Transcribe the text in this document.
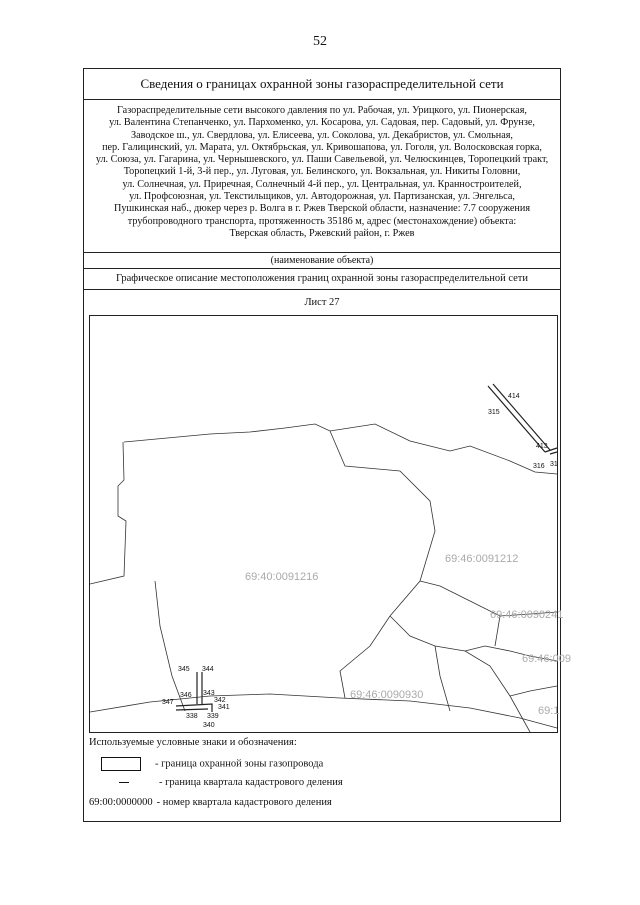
52
Сведения о границах охранной зоны газораспределительной сети
Газораспределительные сети высокого давления по ул. Рабочая, ул. Урицкого, ул. Пионерская,
ул. Валентина Степанченко, ул. Пархоменко, ул. Косарова, ул. Садовая, пер. Садовый, ул. Фрунзе,
Заводское ш., ул. Свердлова, ул. Елисеева, ул. Соколова, ул. Декабристов, ул. Смольная,
пер. Галицинский, ул. Марата, ул. Октябрьская, ул. Кривошапова, ул. Гоголя, ул. Волосковская горка,
ул. Союза, ул. Гагарина, ул. Чернышевского, ул. Паши Савельевой, ул. Челюскинцев, Торопецкий тракт,
Торопецкий 1-й, 3-й пер., ул. Луговая, ул. Белинского, ул. Вокзальная, ул. Никиты Головни,
ул. Солнечная, ул. Приречная, Солнечный 4-й пер., ул. Центральная, ул. Кранностроителей,
ул. Профсоюзная, ул. Текстильщиков, ул. Автодорожная, ул. Партизанская, ул. Энгельса,
Пушкинская наб., дюкер через р. Волга в г. Ржев Тверской области, назначение: 7.7 сооружения
трубопроводного транспорта, протяженность 35186 м, адрес (местонахождение) объекта:
Тверская область, Ржевский район, г. Ржев
(наименование объекта)
Графическое описание местоположения границ охранной зоны газораспределительной сети
Лист 27
414
315
413
316 31
345 344
343
346
342
347
341
338 339
340
69:40:0091216
69:46:0091212
69:46:0090241
69:46:009
69:46:0090930
69:1
Используемые условные знаки и обозначения:
- граница охранной зоны газопровода
- граница квартала кадастрового деления
69:00:0000000 - номер квартала кадастрового деления
